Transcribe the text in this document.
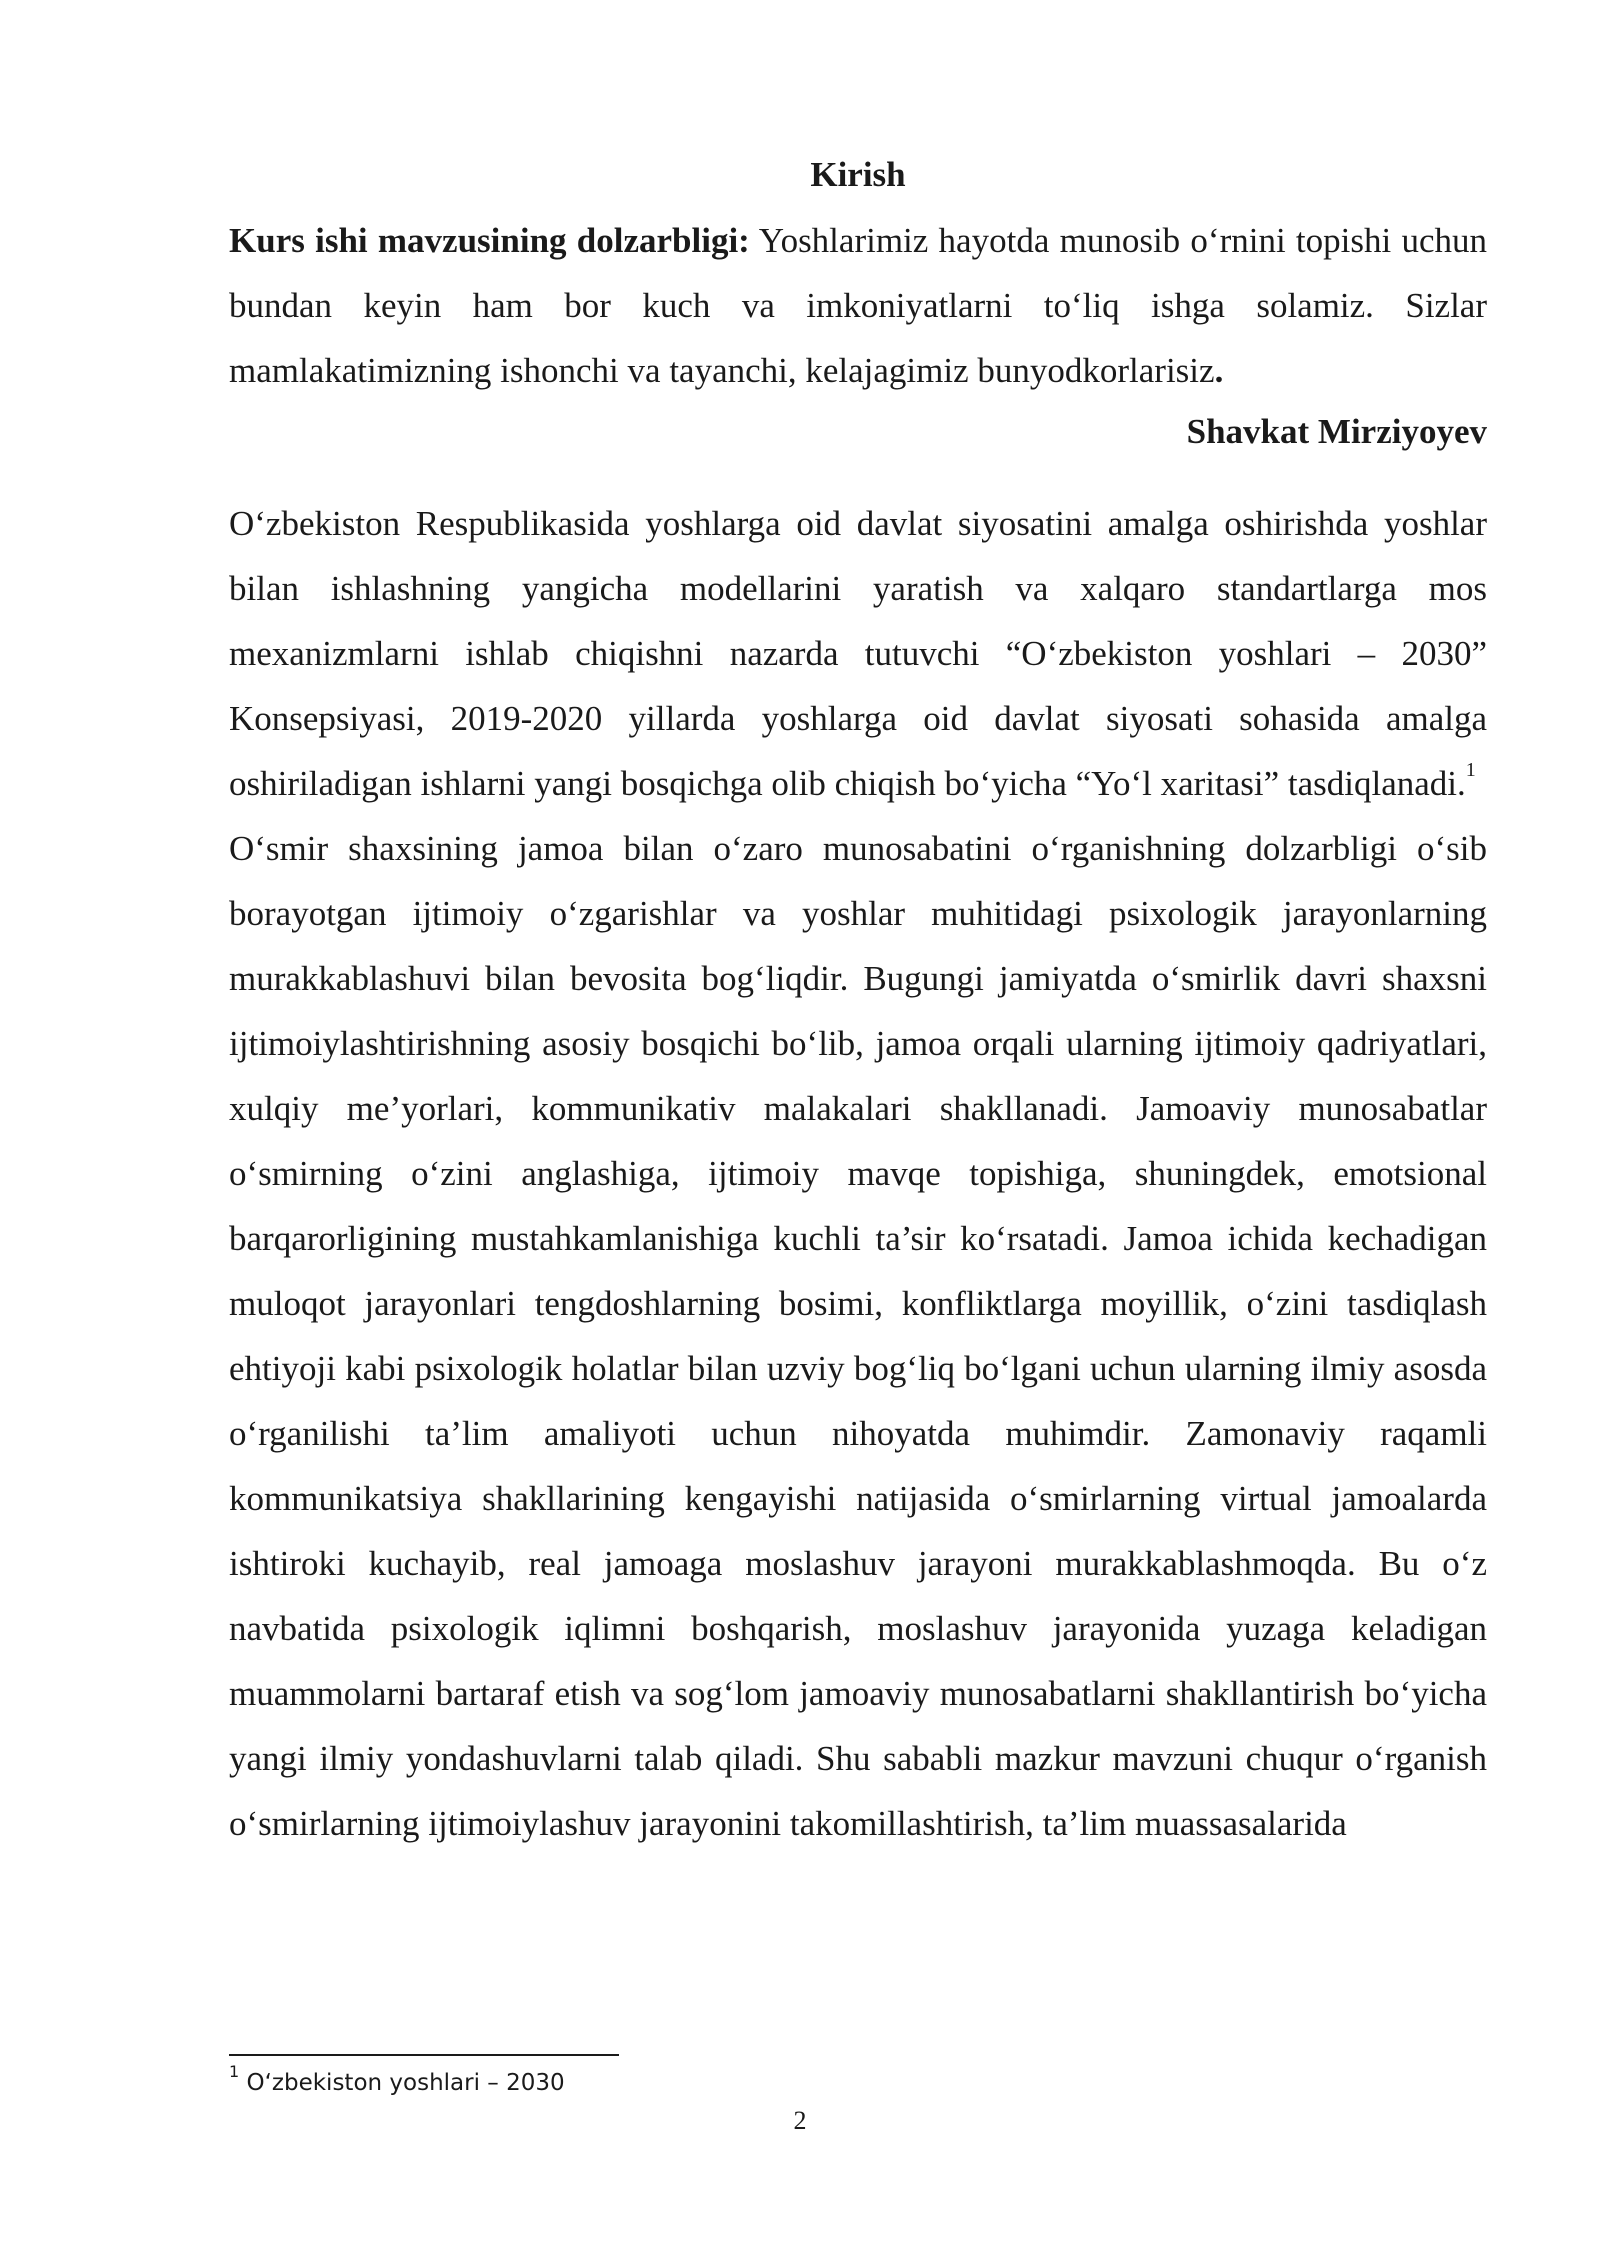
Kirish

Kurs ishi mavzusining dolzarbligi: Yoshlarimiz hayotda munosib o‘rnini topishi uchun bundan keyin ham bor kuch va imkoniyatlarni to‘liq ishga solamiz. Sizlar mamlakatimizning ishonchi va tayanchi, kelajagimiz bunyodkorlarisiz.

Shavkat Mirziyoyev

O‘zbekiston Respublikasida yoshlarga oid davlat siyosatini amalga oshirishda yoshlar bilan ishlashning yangicha modellarini yaratish va xalqaro standartlarga mos mexanizmlarni ishlab chiqishni nazarda tutuvchi “O‘zbekiston yoshlari – 2030” Konsepsiyasi, 2019-2020 yillarda yoshlarga oid davlat siyosati sohasida amalga oshiriladigan ishlarni yangi bosqichga olib chiqish bo‘yicha “Yo‘l xaritasi” tasdiqlanadi.$^1$

O‘smir shaxsining jamoa bilan o‘zaro munosabatini o‘rganishning dolzarbligi o‘sib borayotgan ijtimoiy o‘zgarishlar va yoshlar muhitidagi psixologik jarayonlarning murakkablashuvi bilan bevosita bog‘liqdir. Bugungi jamiyatda o‘smirlik davri shaxsni ijtimoiylashtirishning asosiy bosqichi bo‘lib, jamoa orqali ularning ijtimoiy qadriyatlari, xulqiy me’yorlari, kommunikativ malakalari shakllanadi. Jamoaviy munosabatlar o‘smirning o‘zini anglashiga, ijtimoiy mavqe topishiga, shuningdek, emotsional barqarorligining mustahkamlanishiga kuchli ta’sir ko‘rsatadi. Jamoa ichida kechadigan muloqot jarayonlari tengdoshlarning bosimi, konfliktlarga moyillik, o‘zini tasdiqlash ehtiyoji kabi psixologik holatlar bilan uzviy bog‘liq bo‘lgani uchun ularning ilmiy asosda o‘rganilishi ta’lim amaliyoti uchun nihoyatda muhimdir. Zamonaviy raqamli kommunikatsiya shakllarining kengayishi natijasida o‘smirlarning virtual jamoalarda ishtiroki kuchayib, real jamoaga moslashuv jarayoni murakkablashmoqda. Bu o‘z navbatida psixologik iqlimni boshqarish, moslashuv jarayonida yuzaga keladigan muammolarni bartaraf etish va sog‘lom jamoaviy munosabatlarni shakllantirish bo‘yicha yangi ilmiy yondashuvlarni talab qiladi. Shu sababli mazkur mavzuni chuqur o‘rganish o‘smirlarning ijtimoiylashuv jarayonini takomillashtirish, ta’lim muassasalarida

$^1$ O‘zbekiston yoshlari – 2030
2
